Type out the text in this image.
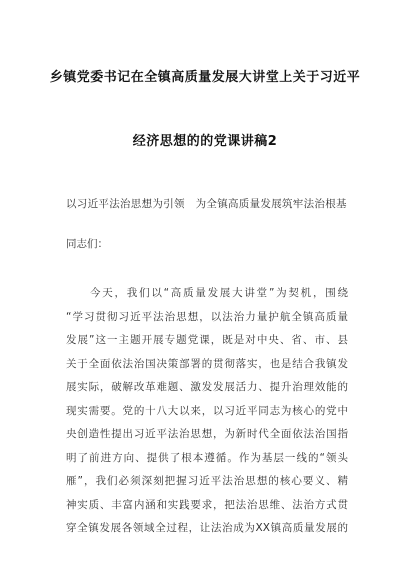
乡镇党委书记在全镇高质量发展大讲堂上关于习近平
经济思想的的党课讲稿2
以习近平法治思想为引领　为全镇高质量发展筑牢法治根基
同志们：
今天，我们以“高质量发展大讲堂”为契机，围绕
“学习贯彻习近平法治思想，以法治力量护航全镇高质量
发展”这一主题开展专题党课，既是对中央、省、市、县
关于全面依法治国决策部署的贯彻落实，也是结合我镇发
展实际，破解改革难题、激发发展活力、提升治理效能的
现实需要。党的十八大以来，以习近平同志为核心的党中
央创造性提出习近平法治思想，为新时代全面依法治国指
明了前进方向、提供了根本遵循。作为基层一线的“领头
雁”，我们必须深刻把握习近平法治思想的核心要义、精
神实质、丰富内涵和实践要求，把法治思维、法治方式贯
穿全镇发展各领域全过程，让法治成为XX镇高质量发展的
